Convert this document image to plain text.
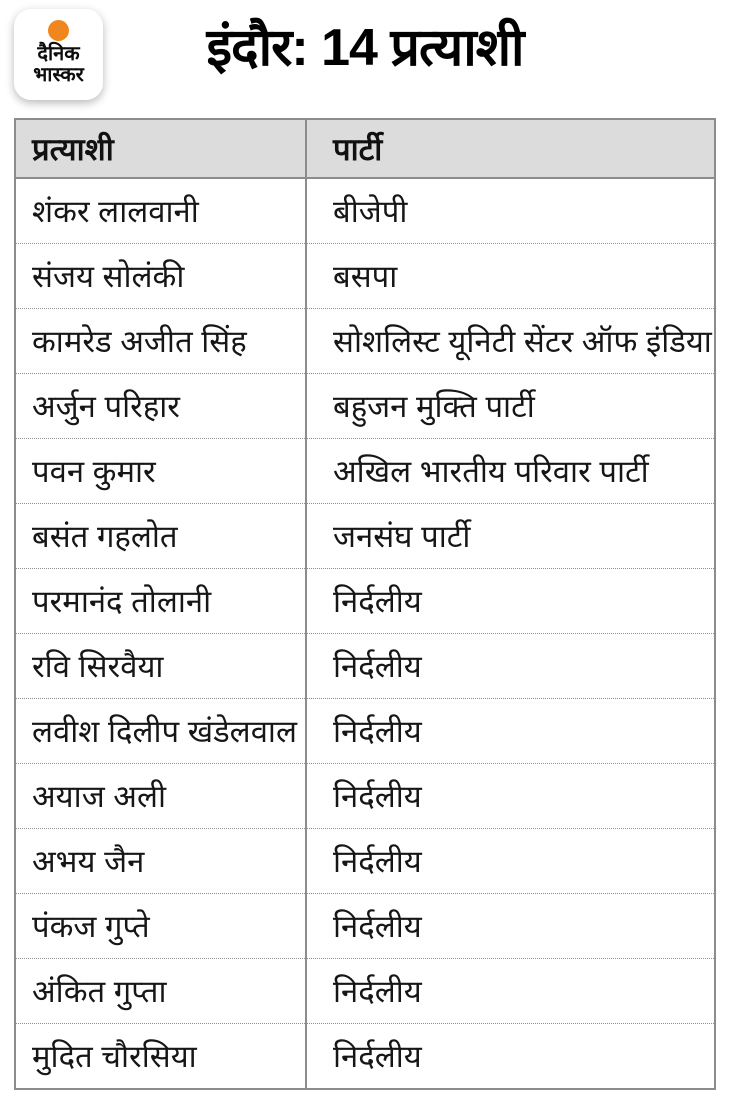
दैनिक
भास्कर	इंदौर: 14 प्रत्याशी
प्रत्याशी	पार्टी
शंकर लालवानी	बीजेपी
संजय सोलंकी	बसपा
कामरेड अजीत सिंह	सोशलिस्ट यूनिटी सेंटर ऑफ इंडिया
अर्जुन परिहार	बहुजन मुक्ति पार्टी
पवन कुमार	अखिल भारतीय परिवार पार्टी
बसंत गहलोत	जनसंघ पार्टी
परमानंद तोलानी	निर्दलीय
रवि सिरवैया	निर्दलीय
लवीश दिलीप खंडेलवाल	निर्दलीय
अयाज अली	निर्दलीय
अभय जैन	निर्दलीय
पंकज गुप्ते	निर्दलीय
अंकित गुप्ता	निर्दलीय
मुदित चौरसिया	निर्दलीय
